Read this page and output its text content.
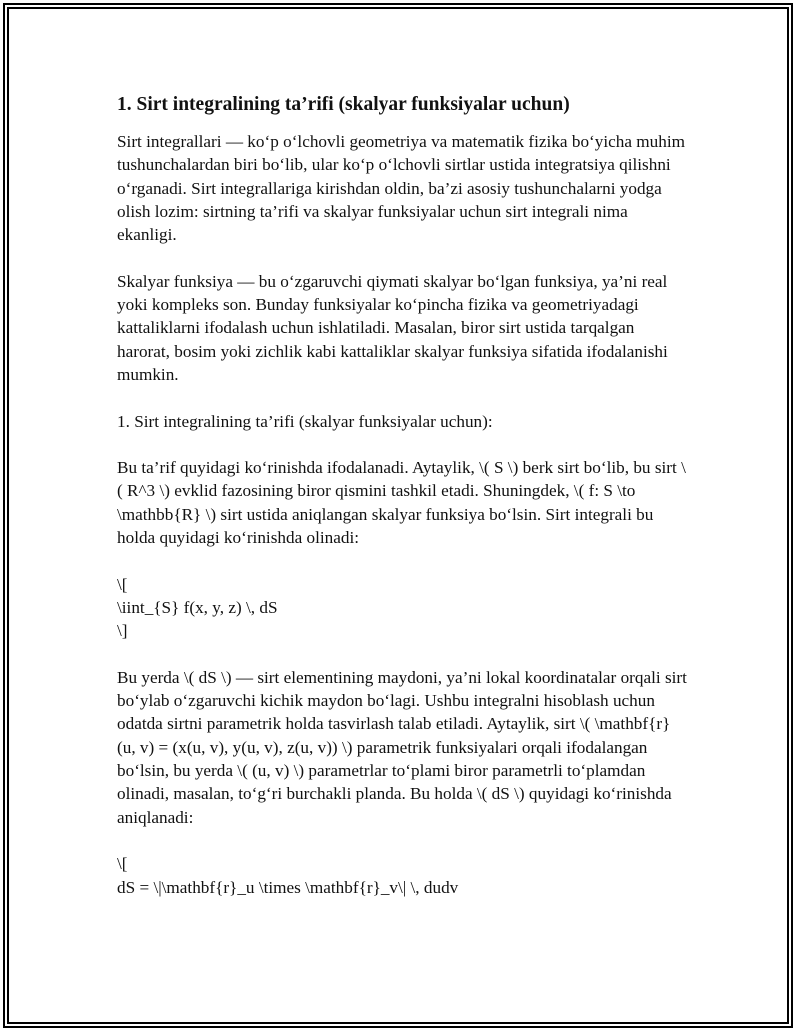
1. Sirt integralining ta’rifi (skalyar funksiyalar uchun)

Sirt integrallari — ko‘p o‘lchovli geometriya va matematik fizika bo‘yicha muhim tushunchalardan biri bo‘lib, ular ko‘p o‘lchovli sirtlar ustida integratsiya qilishni o‘rganadi. Sirt integrallariga kirishdan oldin, ba’zi asosiy tushunchalarni yodga olish lozim: sirtning ta’rifi va skalyar funksiyalar uchun sirt integrali nima ekanligi.

Skalyar funksiya — bu o‘zgaruvchi qiymati skalyar bo‘lgan funksiya, ya’ni real yoki kompleks son. Bunday funksiyalar ko‘pincha fizika va geometriyadagi kattaliklarni ifodalash uchun ishlatiladi. Masalan, biror sirt ustida tarqalgan harorat, bosim yoki zichlik kabi kattaliklar skalyar funksiya sifatida ifodalanishi mumkin.

1. Sirt integralining ta’rifi (skalyar funksiyalar uchun):

Bu ta’rif quyidagi ko‘rinishda ifodalanadi. Aytaylik, \( S \) berk sirt bo‘lib, bu sirt \( R^3 \) evklid fazosining biror qismini tashkil etadi. Shuningdek, \( f: S \to \mathbb{R} \) sirt ustida aniqlangan skalyar funksiya bo‘lsin. Sirt integrali bu holda quyidagi ko‘rinishda olinadi:

\[
\iint_{S} f(x, y, z) \, dS
\]

Bu yerda \( dS \) — sirt elementining maydoni, ya’ni lokal koordinatalar orqali sirt bo‘ylab o‘zgaruvchi kichik maydon bo‘lagi. Ushbu integralni hisoblash uchun odatda sirtni parametrik holda tasvirlash talab etiladi. Aytaylik, sirt \( \mathbf{r}(u, v) = (x(u, v), y(u, v), z(u, v)) \) parametrik funksiyalari orqali ifodalangan bo‘lsin, bu yerda \( (u, v) \) parametrlar to‘plami biror parametrli to‘plamdan olinadi, masalan, to‘g‘ri burchakli planda. Bu holda \( dS \) quyidagi ko‘rinishda aniqlanadi:

\[
dS = \|\mathbf{r}_u \times \mathbf{r}_v\| \, dudv
